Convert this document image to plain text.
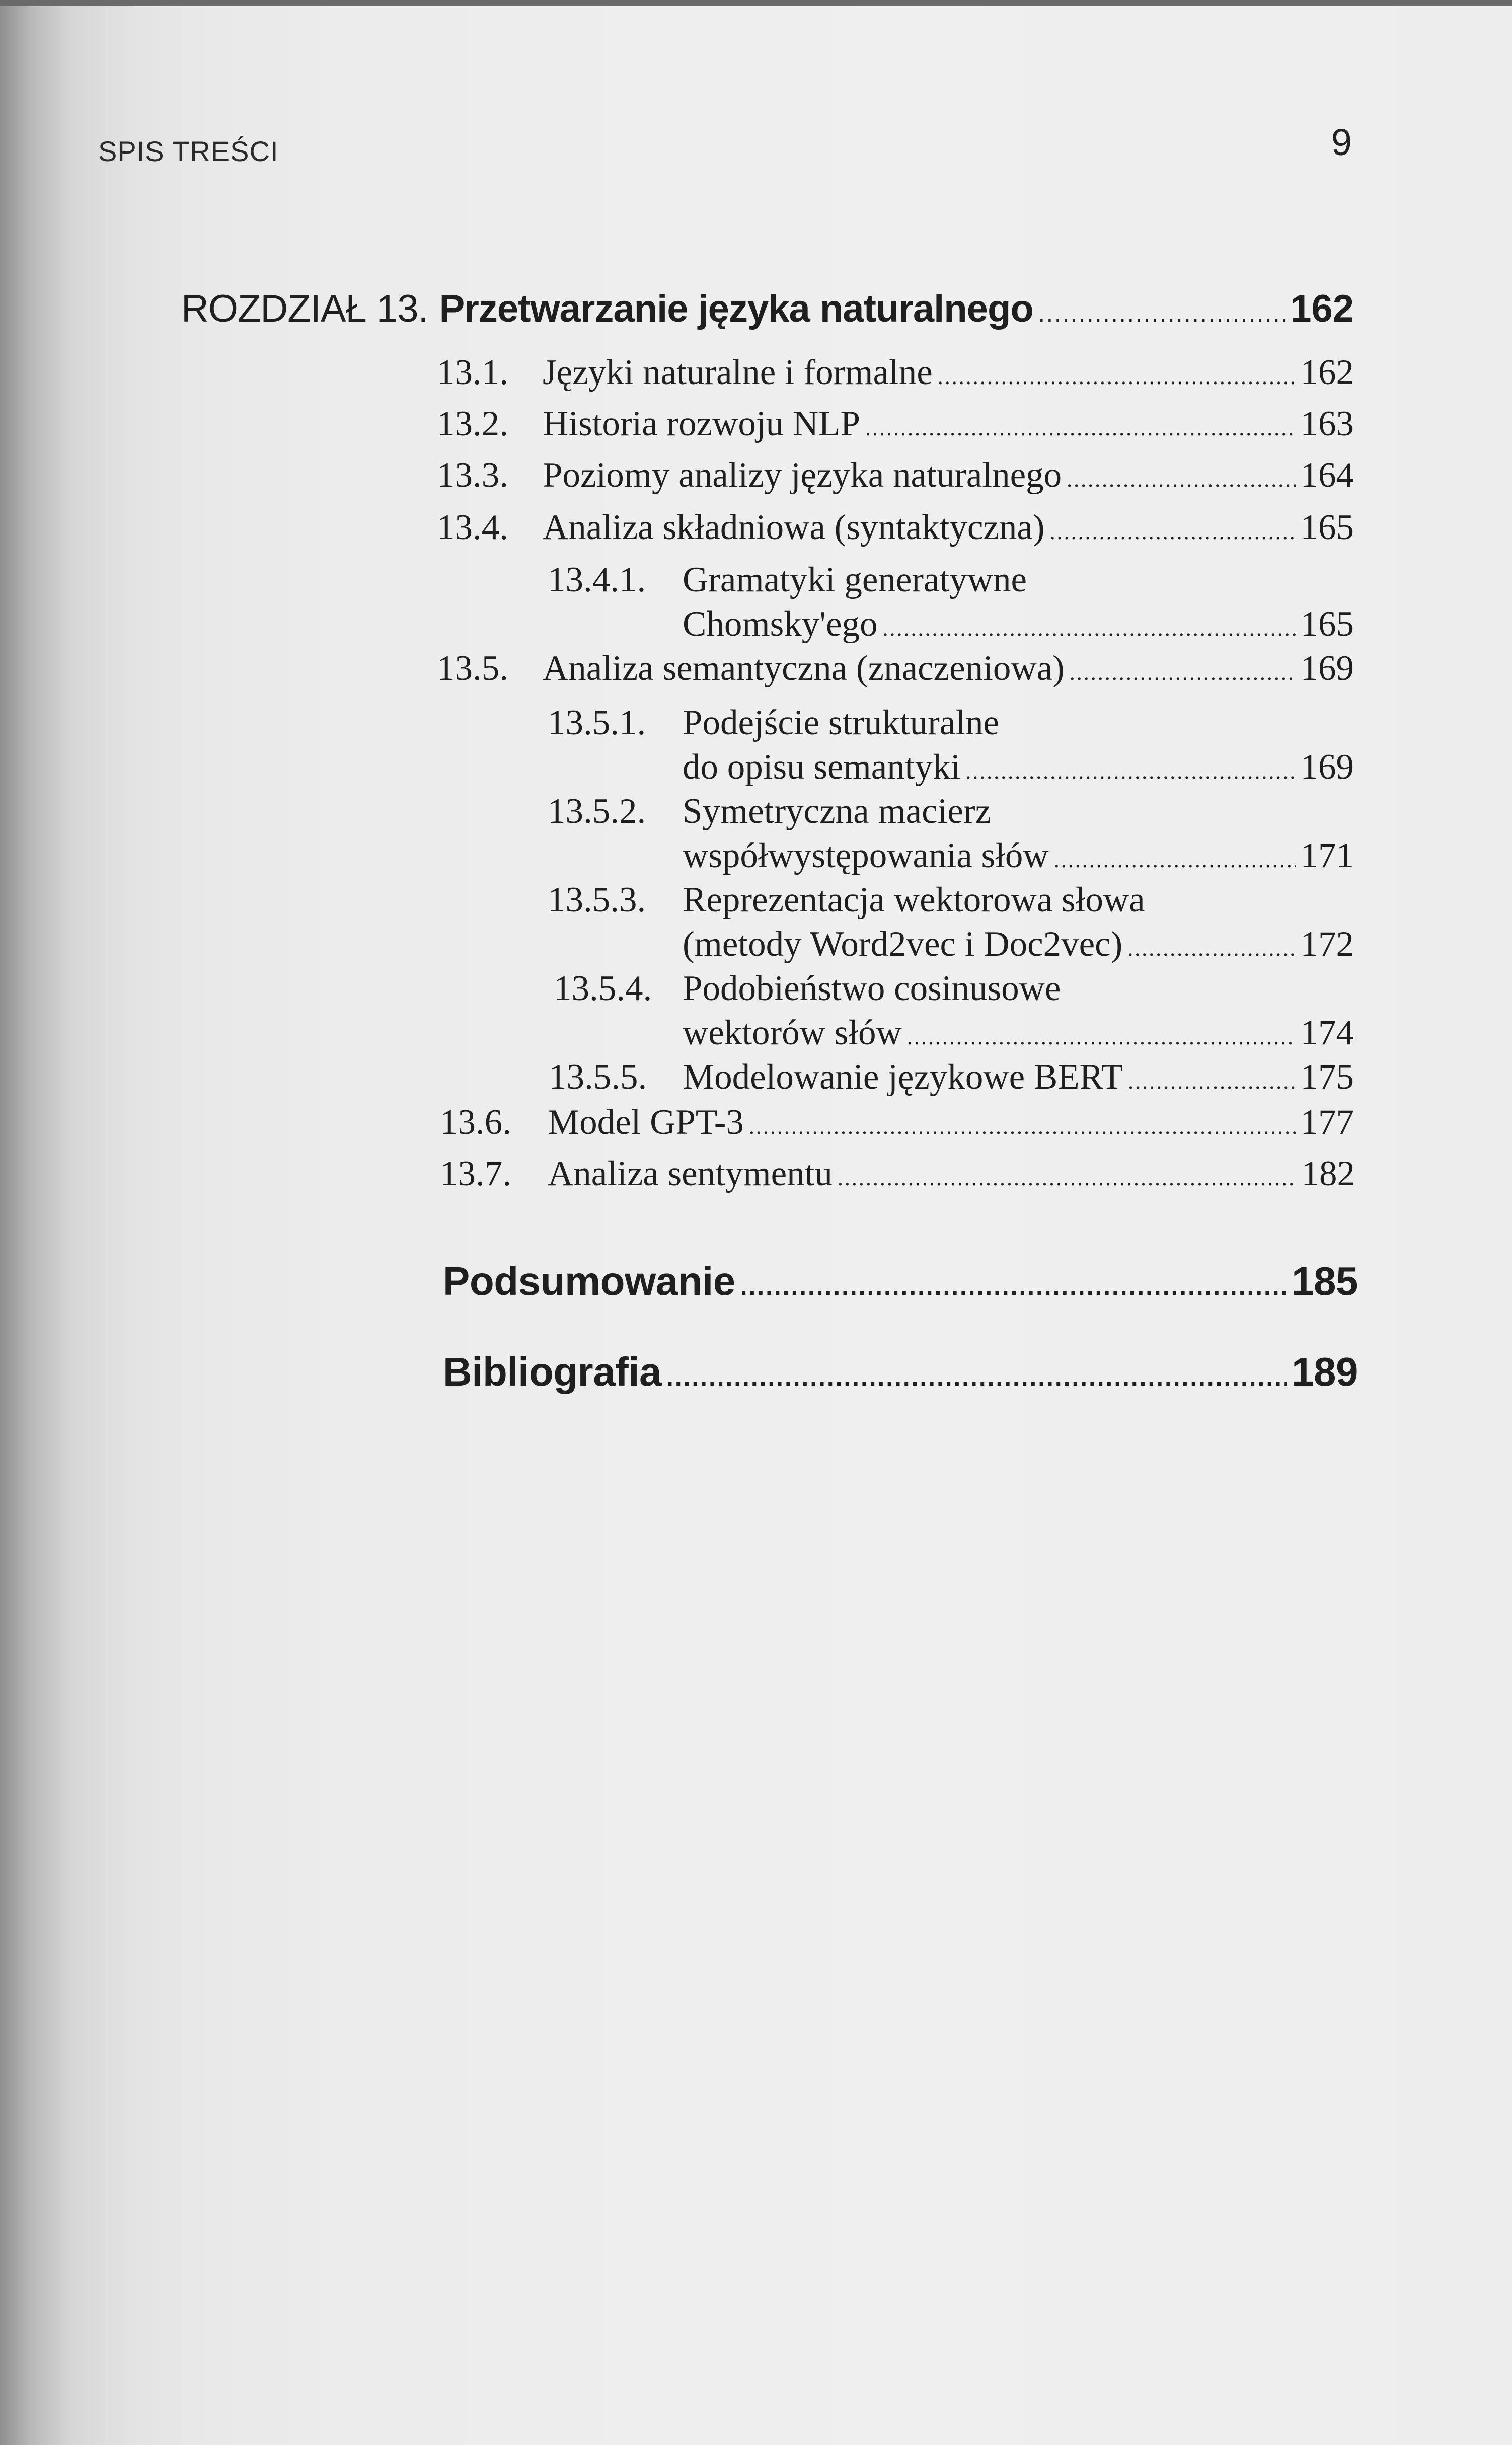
SPIS TREŚCI	9
ROZDZIAŁ 13. Przetwarzanie języka naturalnego .....	162
13.1. Języki naturalne i formalne .....	162
13.2. Historia rozwoju NLP .....	163
13.3. Poziomy analizy języka naturalnego .....	164
13.4. Analiza składniowa (syntaktyczna) .....	165
13.4.1. Gramatyki generatywne
Chomsky'ego .....	165
13.5. Analiza semantyczna (znaczeniowa) .....	169
13.5.1. Podejście strukturalne
do opisu semantyki .....	169
13.5.2. Symetryczna macierz
współwystępowania słów .....	171
13.5.3. Reprezentacja wektorowa słowa
(metody Word2vec i Doc2vec) .....	172
13.5.4. Podobieństwo cosinusowe
wektorów słów .....	174
13.5.5. Modelowanie językowe BERT .....	175
13.6.	Model GPT-3 .....	177
13.7.	Analiza sentymentu .....	182
Podsumowanie .....	185
Bibliografia .....	189
